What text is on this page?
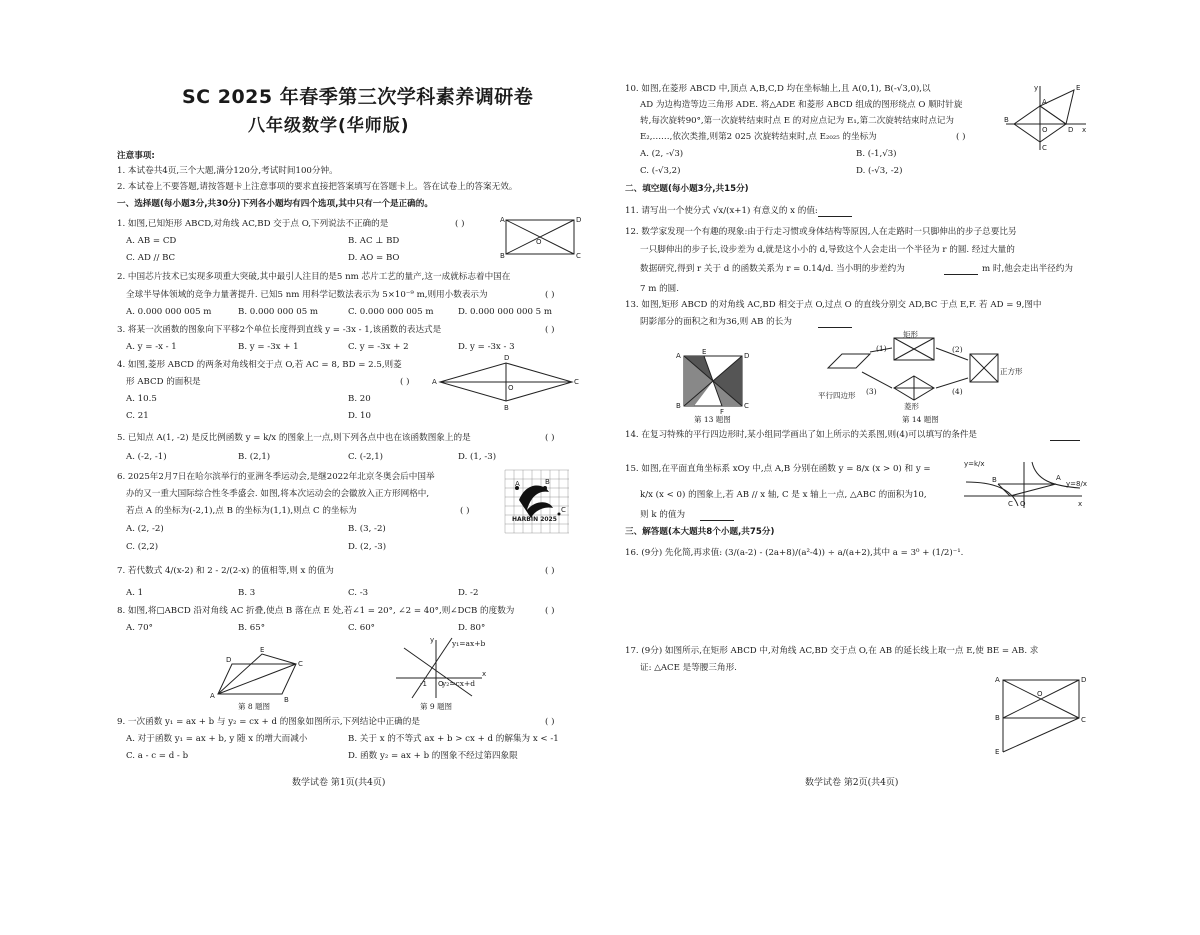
SC 2025 年春季第三次学科素养调研卷
八年级数学(华师版)
注意事项:
1. 本试卷共4页,三个大题,满分120分,考试时间100分钟。
2. 本试卷上不要答题,请按答题卡上注意事项的要求直接把答案填写在答题卡上。答在试卷上的答案无效。
一、选择题(每小题3分,共30分)下列各小题均有四个选项,其中只有一个是正确的。
1. 如图,已知矩形 ABCD,对角线 AC,BD 交于点 O,下列说法不正确的是	( )
A. AB = CD	B. AC ⊥ BD
C. AD // BC	D. AO = BO
A	D
B	C
O
2. 中国芯片技术已实现多项重大突破,其中最引人注目的是5 nm 芯片工艺的量产,这一成就标志着中国在
全球半导体领域的竞争力量著提升. 已知5 nm 用科学记数法表示为 5×10⁻⁹ m,则用小数表示为	( )
A. 0.000 000 005 m	B. 0.000 000 05 m	C. 0.000 000 005 m	D. 0.000 000 000 5 m
3. 将某一次函数的图象向下平移2个单位长度得到直线 y = -3x - 1,该函数的表达式是	( )
A. y = -x - 1	B. y = -3x + 1	C. y = -3x + 2	D. y = -3x - 3
4. 如图,菱形 ABCD 的两条对角线相交于点 O,若 AC = 8, BD = 2.5,则菱
形 ABCD 的面积是	( )
A. 10.5	B. 20
C. 21	D. 10
A
D
C
B
O
5. 已知点 A(1, -2) 是反比例函数 y = k/x 的图象上一点,则下列各点中也在该函数图象上的是	( )
A. (-2, -1)	B. (2,1)	C. (-2,1)	D. (1, -3)
6. 2025年2月7日在哈尔滨举行的亚洲冬季运动会,是继2022年北京冬奥会后中国举
办的又一重大国际综合性冬季盛会. 如图,将本次运动会的会徽放入正方形网格中,
若点 A 的坐标为(-2,1),点 B 的坐标为(1,1),则点 C 的坐标为	( )
A. (2, -2)	B. (3, -2)
C. (2,2)	D. (2, -3)
A	B
C
HARBIN 2025
7. 若代数式 4/(x-2) 和 2 - 2/(2-x) 的值相等,则 x 的值为	( )
A. 1	B. 3	C. -3	D. -2
8. 如图,将□ABCD 沿对角线 AC 折叠,使点 B 落在点 E 处,若∠1 = 20°, ∠2 = 40°,则∠DCB 的度数为	( )
A. 70°	B. 65°	C. 60°	D. 80°
A
D
E
C
B
第 8 题图
y
x
O
-1
y₁=ax+b
y₂=cx+d
第 9 题图
9. 一次函数 y₁ = ax + b 与 y₂ = cx + d 的图象如图所示,下列结论中正确的是	( )
A. 对于函数 y₁ = ax + b, y 随 x 的增大而减小	B. 关于 x 的不等式 ax + b > cx + d 的解集为 x < -1
C. a - c = d - b	D. 函数 y₂ = ax + b 的图象不经过第四象限
数学试卷 第1页(共4页)
10. 如图,在菱形 ABCD 中,顶点 A,B,C,D 均在坐标轴上,且 A(0,1), B(-√3,0),以
AD 为边构造等边三角形 ADE. 将△ADE 和菱形 ABCD 组成的图形绕点 O 顺时针旋
转,每次旋转90°,第一次旋转结束时点 E 的对应点记为 E₁,第二次旋转结束时点记为
E₂,……,依次类推,则第2 025 次旋转结束时,点 E₂₀₂₅ 的坐标为	( )
A. (2, -√3)	B. (-1,√3)
C. (-√3,2)	D. (-√3, -2)
y	E
A
B
D x
O
C
二、填空题(每小题3分,共15分)
11. 请写出一个使分式 √x/(x+1) 有意义的 x 的值:
12. 数学家发现一个有趣的现象:由于行走习惯或身体结构等原因,人在走路时一只脚伸出的步子总要比另
一只脚伸出的步子长,设步差为 d,就是这小小的 d,导致这个人会走出一个半径为 r 的圆. 经过大量的
数据研究,得到 r 关于 d 的函数关系为 r = 0.14/d. 当小明的步差约为	m 时,他会走出半径约为
7 m 的圆.
13. 如图,矩形 ABCD 的对角线 AC,BD 相交于点 O,过点 O 的直线分别交 AD,BC 于点 E,F. 若 AD = 9,图中
阴影部分的面积之和为36,则 AB 的长为
A	D
B	C
E
F
第 13 题图
矩形
平行四边形
菱形
正方形
(1)	(2)
(3)	(4)
第 14 题图
14. 在复习特殊的平行四边形时,某小组同学画出了如上所示的关系图,则(4)可以填写的条件是
15. 如图,在平面直角坐标系 xOy 中,点 A,B 分别在函数 y = 8/x (x > 0) 和 y =
k/x (x < 0) 的图象上,若 AB // x 轴, C 是 x 轴上一点, △ABC 的面积为10,
则 k 的值为
B	A
C O	x
y=k/x
y=8/x
三、解答题(本大题共8个小题,共75分)
16. (9分) 先化简,再求值: (3/(a-2) - (2a+8)/(a²-4)) ÷ a/(a+2),其中 a = 3⁰ + (1/2)⁻¹.
17. (9分) 如图所示,在矩形 ABCD 中,对角线 AC,BD 交于点 O,在 AB 的延长线上取一点 E,使 BE = AB. 求
证: △ACE 是等腰三角形.
A	D
B	C
O
E
数学试卷 第2页(共4页)
